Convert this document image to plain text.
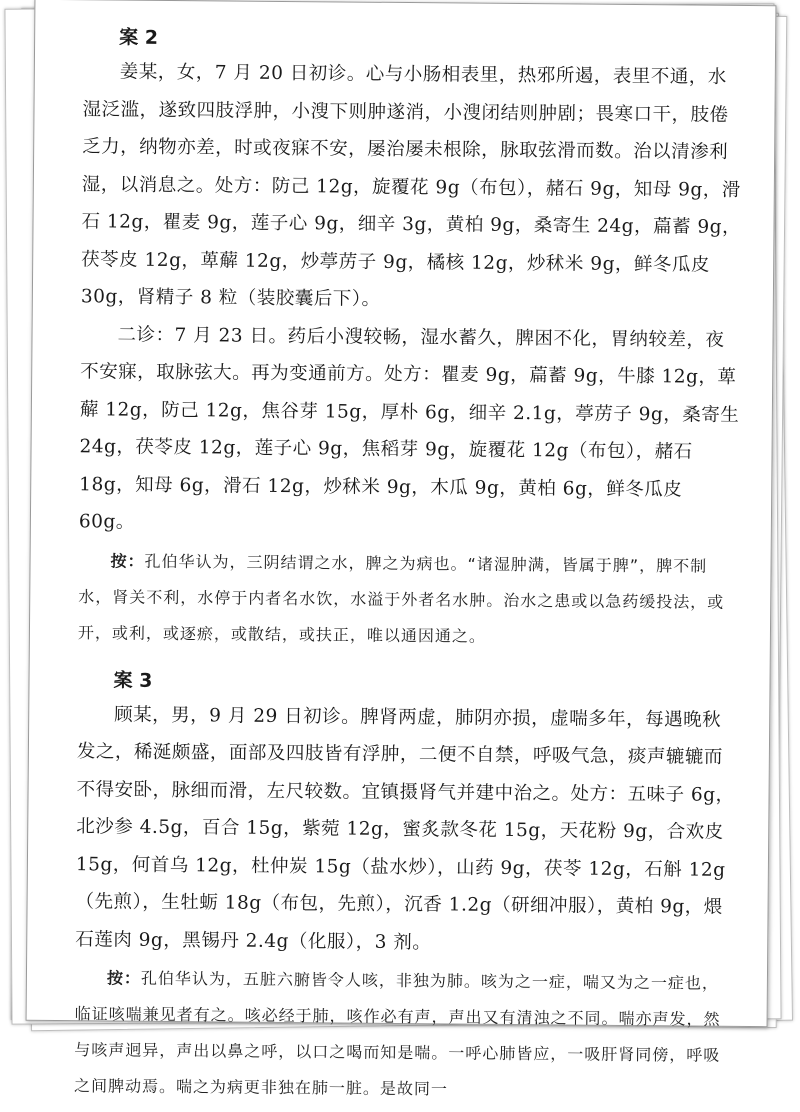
案 2

姜某，女，7 月 20 日初诊。心与小肠相表里，热邪所遏，表里不通，水湿泛滥，遂致四肢浮肿，小溲下则肿遂消，小溲闭结则肿剧；畏寒口干，肢倦乏力，纳物亦差，时或夜寐不安，屡治屡未根除，脉取弦滑而数。治以清渗利湿，以消息之。处方：防己 12g，旋覆花 9g（布包），赭石 9g，知母 9g，滑石 12g，瞿麦 9g，莲子心 9g，细辛 3g，黄柏 9g，桑寄生 24g，萹蓄 9g，茯苓皮 12g，萆薢 12g，炒葶苈子 9g，橘核 12g，炒秫米 9g，鲜冬瓜皮 30g，肾精子 8 粒（装胶囊后下）。

二诊：7 月 23 日。药后小溲较畅，湿水蓄久，脾困不化，胃纳较差，夜不安寐，取脉弦大。再为变通前方。处方：瞿麦 9g，萹蓄 9g，牛膝 12g，萆薢 12g，防己 12g，焦谷芽 15g，厚朴 6g，细辛 2.1g，葶苈子 9g，桑寄生 24g，茯苓皮 12g，莲子心 9g，焦稻芽 9g，旋覆花 12g（布包），赭石 18g，知母 6g，滑石 12g，炒秫米 9g，木瓜 9g，黄柏 6g，鲜冬瓜皮 60g。

按：孔伯华认为，三阴结谓之水，脾之为病也。“诸湿肿满，皆属于脾”，脾不制水，肾关不利，水停于内者名水饮，水溢于外者名水肿。治水之患或以急药缓投法，或开，或利，或逐瘀，或散结，或扶正，唯以通因通之。

案 3

顾某，男，9 月 29 日初诊。脾肾两虚，肺阴亦损，虚喘多年，每遇晚秋发之，稀涎颇盛，面部及四肢皆有浮肿，二便不自禁，呼吸气急，痰声辘辘而不得安卧，脉细而滑，左尺较数。宜镇摄肾气并建中治之。处方：五味子 6g，北沙参 4.5g，百合 15g，紫菀 12g，蜜炙款冬花 15g，天花粉 9g，合欢皮 15g，何首乌 12g，杜仲炭 15g（盐水炒），山药 9g，茯苓 12g，石斛 12g（先煎），生牡蛎 18g（布包，先煎），沉香 1.2g（研细冲服），黄柏 9g，煨石莲肉 9g，黑锡丹 2.4g（化服），3 剂。

按：孔伯华认为，五脏六腑皆令人咳，非独为肺。咳为之一症，喘又为之一症也，临证咳喘兼见者有之。咳必经于肺，咳作必有声，声出又有清浊之不同。喘亦声发，然与咳声迥异，声出以鼻之呼，以口之喝而知是喘。一呼心肺皆应，一吸肝肾同傍，呼吸之间脾动焉。喘之为病更非独在肺一脏。是故同一
